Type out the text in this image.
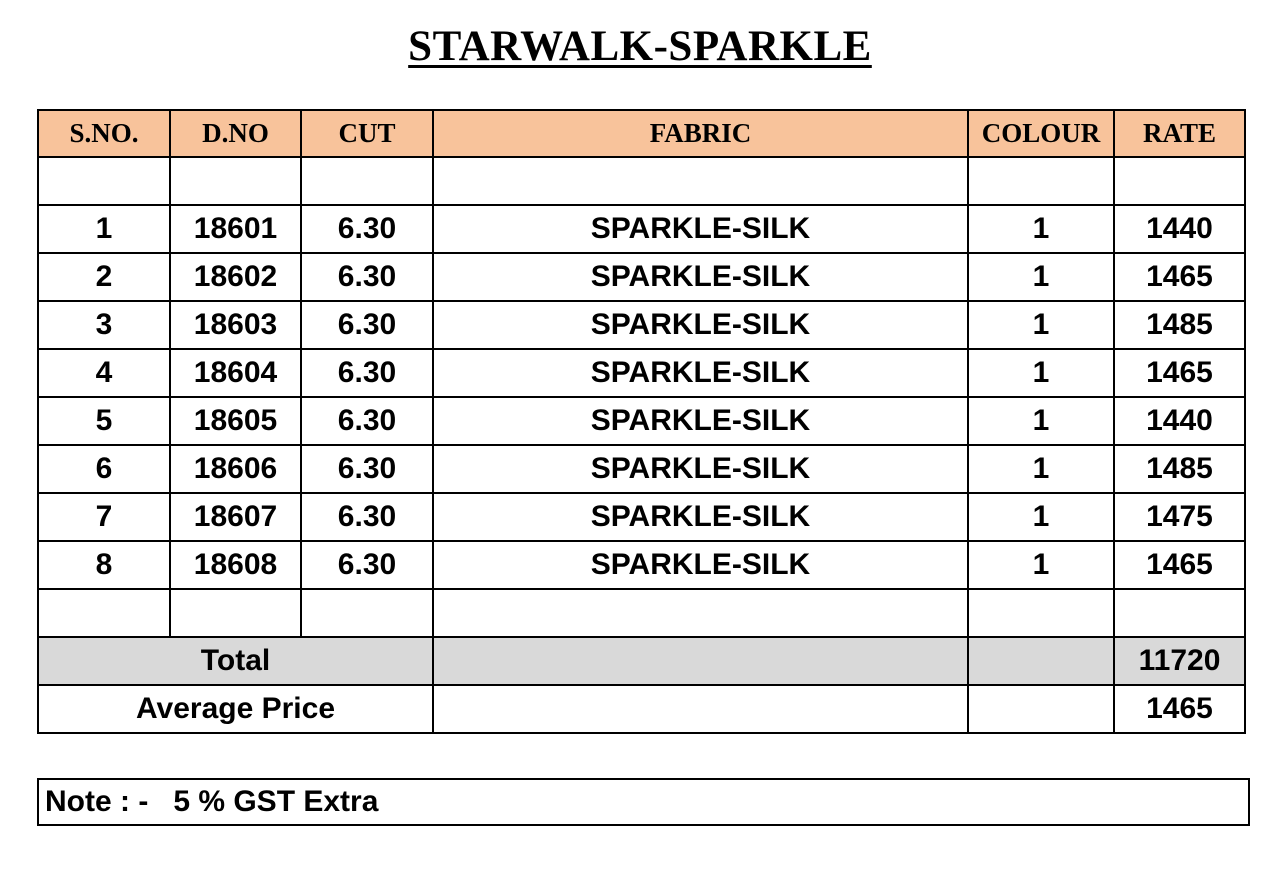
STARWALK-SPARKLE
S.NO.	D.NO	CUT	FABRIC	COLOUR	RATE

1	18601	6.30	SPARKLE-SILK	1	1440
2	18602	6.30	SPARKLE-SILK	1	1465
3	18603	6.30	SPARKLE-SILK	1	1485
4	18604	6.30	SPARKLE-SILK	1	1465
5	18605	6.30	SPARKLE-SILK	1	1440
6	18606	6.30	SPARKLE-SILK	1	1485
7	18607	6.30	SPARKLE-SILK	1	1475
8	18608	6.30	SPARKLE-SILK	1	1465

Total					11720
Average Price					1465
Note : -   5 % GST Extra
